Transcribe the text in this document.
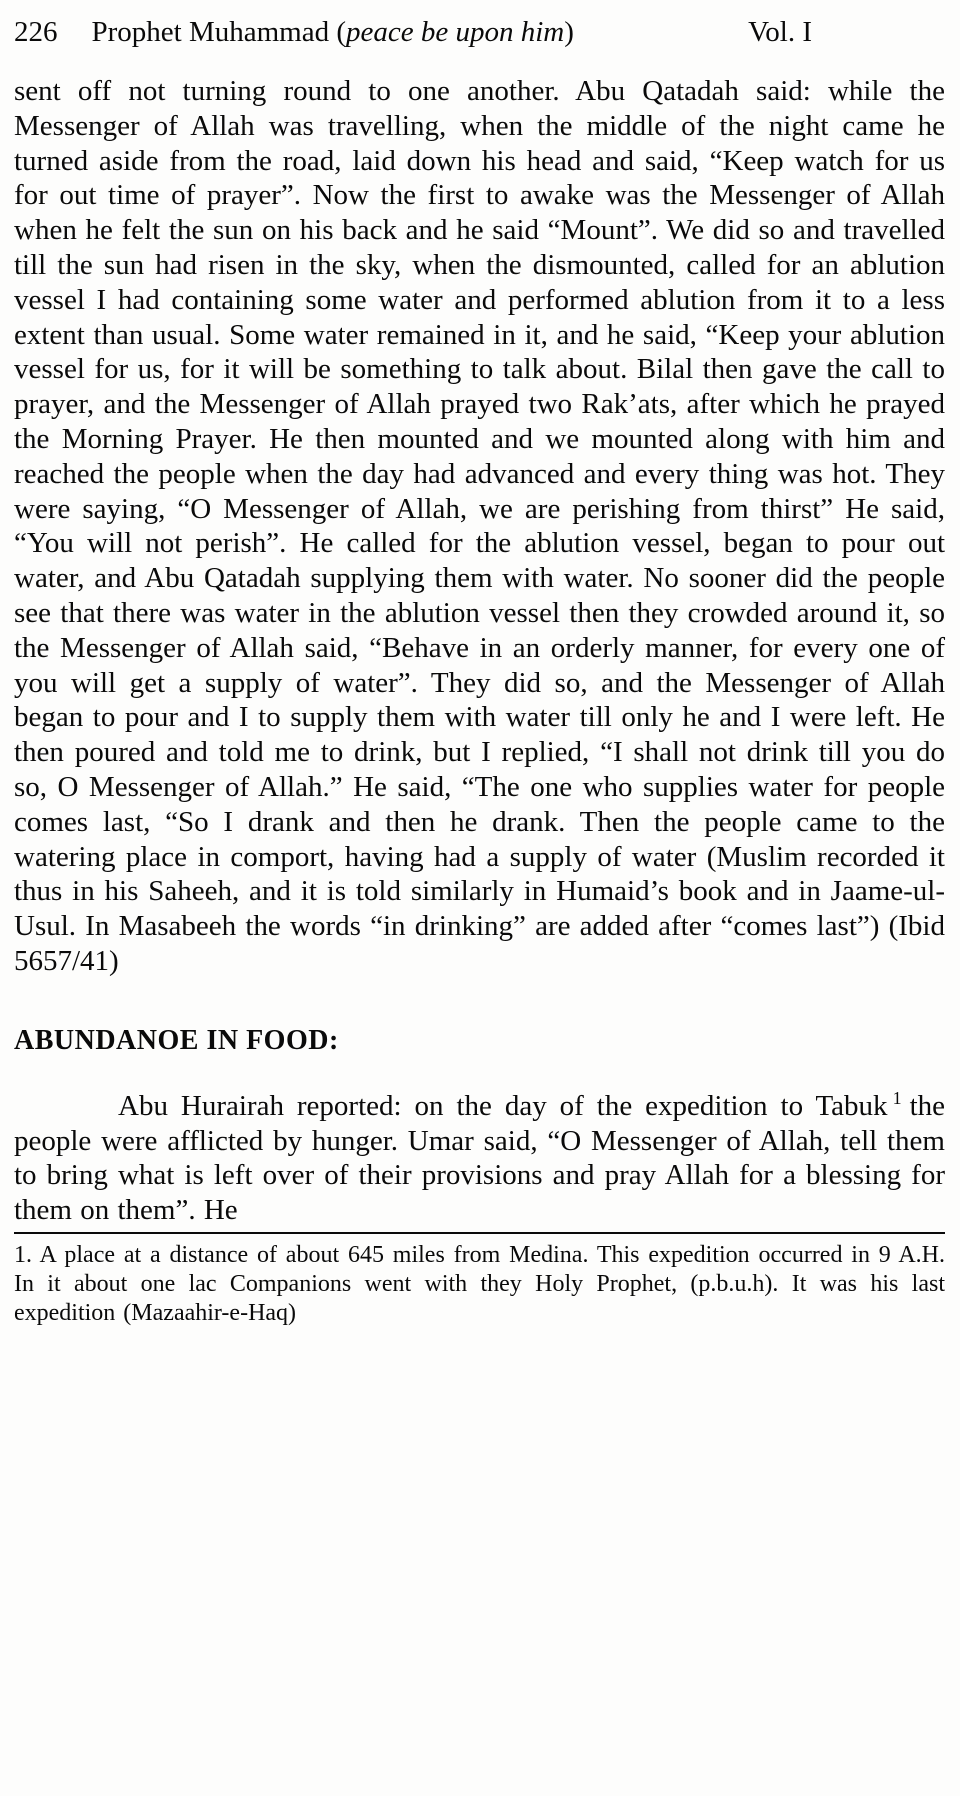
226 Prophet Muhammad (peace be upon him)	Vol. I

sent off not turning round to one another. Abu Qatadah said: while the Messenger of Allah was travelling, when the middle of the night came he turned aside from the road, laid down his head and said, “Keep watch for us for out time of prayer”. Now the first to awake was the Messenger of Allah when he felt the sun on his back and he said “Mount”. We did so and travelled till the sun had risen in the sky, when the dismounted, called for an ablution vessel I had containing some water and performed ablution from it to a less extent than usual. Some water remained in it, and he said, “Keep your ablution vessel for us, for it will be something to talk about. Bilal then gave the call to prayer, and the Messenger of Allah prayed two Rak’ats, after which he prayed the Morning Prayer. He then mounted and we mounted along with him and reached the people when the day had advanced and every thing was hot. They were saying, “O Messenger of Allah, we are perishing from thirst” He said, “You will not perish”. He called for the ablution vessel, began to pour out water, and Abu Qatadah supplying them with water. No sooner did the people see that there was water in the ablution vessel then they crowded around it, so the Messenger of Allah said, “Behave in an orderly manner, for every one of you will get a supply of water”. They did so, and the Messenger of Allah began to pour and I to supply them with water till only he and I were left. He then poured and told me to drink, but I replied, “I shall not drink till you do so, O Messenger of Allah.” He said, “The one who supplies water for people comes last, “So I drank and then he drank. Then the people came to the watering place in comport, having had a supply of water (Muslim recorded it thus in his Saheeh, and it is told similarly in Humaid’s book and in Jaame-ul-Usul. In Masabeeh the words “in drinking” are added after “comes last”) (Ibid 5657/41)

ABUNDANOE IN FOOD:

Abu Hurairah reported: on the day of the expedition to Tabuk $^1$ the people were afflicted by hunger. Umar said, “O Messenger of Allah, tell them to bring what is left over of their provisions and pray Allah for a blessing for them on them”. He

1. A place at a distance of about 645 miles from Medina. This expedition occurred in 9 A.H. In it about one lac Companions went with they Holy Prophet, (p.b.u.h). It was his last expedition (Mazaahir-e-Haq)
